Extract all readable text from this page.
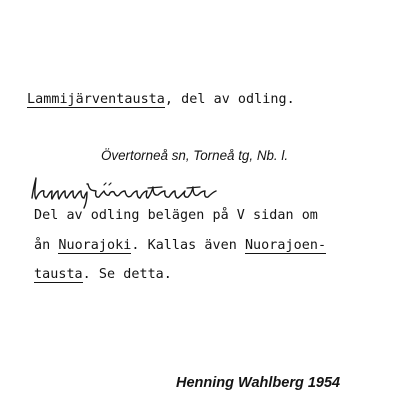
Lammijärventausta, del av odling.
Övertorneå sn, Torneå tg, Nb. l.
Del av odling belägen på V sidan om
ån Nuorajoki. Kallas även Nuorajoen-
tausta. Se detta.
Henning Wahlberg 1954
